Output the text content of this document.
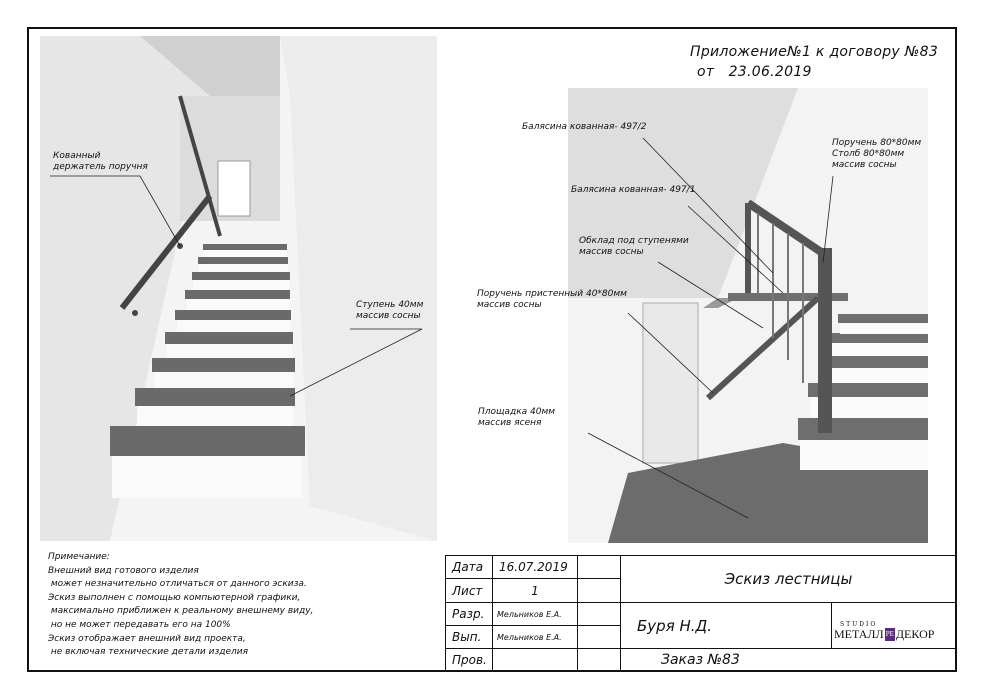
Приложение№1 к договору №83
от   23.06.2019
Кованный
держатель поручня
Ступень 40мм
массив сосны
Балясина кованная- 497/2
Балясина кованная- 497/1
Поручень 80*80мм
Столб 80*80мм
массив сосны
Обклад под ступенями
массив сосны
Поручень пристенный 40*80мм
массив сосны
Площадка 40мм
массив ясеня
Примечание:
Внешний вид готового изделия
может незначительно отличаться от данного эскиза.
Эскиз выполнен с помощью компьютерной графики,
максимально приближен к реальному внешнему виду,
но не может передавать его на 100%
Эскиз отображает внешний вид проекта,
не включая технические детали изделия
Дата	16.07.2019
Лист	1
Разр.	Мельников Е.А.
Вып.	Мельников Е.А.
Пров.
Эскиз лестницы
Буря Н.Д.
Заказ №83
STUDIO
МЕТАЛЛ РЕ ДЕКОР
